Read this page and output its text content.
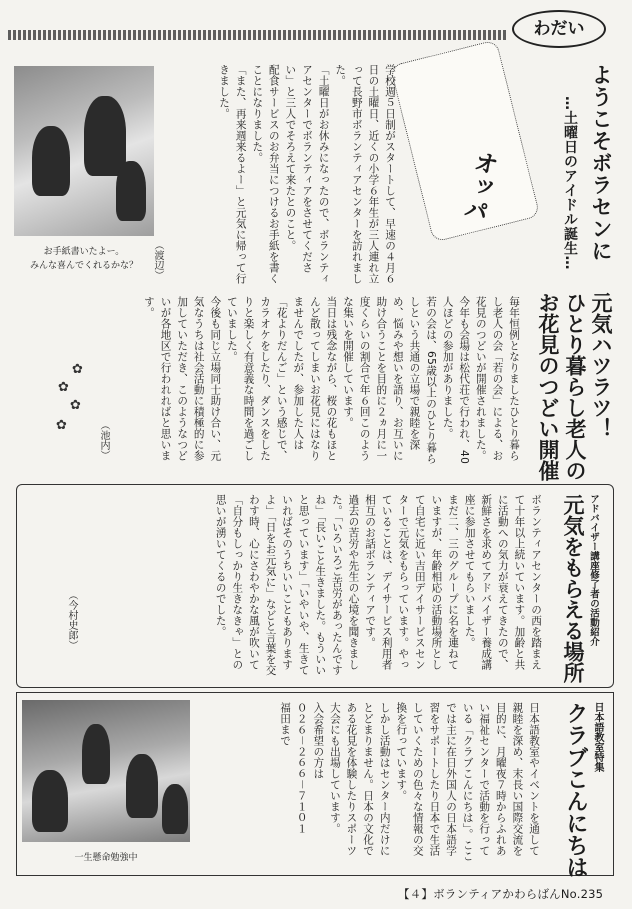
わだい
ようこそボラセンに
…土曜日のアイドル誕生…
オッパ
学校週５日制がスタートして、早速の４月６日の土曜日、近くの小学６年生が三人連れ立って長野市ボランティアセンターを訪れました。
「土曜日がお休みになったので、ボランティアセンターでボランティアをさせてください」と三人でそろえて来たとのこと。
配食サービスのお弁当につけるお手紙を書くことになりました。
「また、再来週来るよー」と元気に帰って行きました。
（渡辺）
お手紙書いたよー。
みんな喜んでくれるかな？
元気ハツラツ！
ひとり暮らし老人の
お花見のつどい開催
毎年恒例となりましたひとり暮らし老人の会「若の会」による、お花見のつどいが開催されました。今年も会場は松代荘で行われ、40人ほどの参加がありました。
若の会は、65歳以上のひとり暮らしという共通の立場で親睦を深め、悩みや想いを語り、お互いに助け合うことを目的に２ヵ月に一度くらいの割合で年６回このような集いを開催しています。
当日は残念ながら、桜の花もほとんど散ってしまいお花見にはなりませんでしたが、参加した人は「花よりだんご」という感じで、カラオケをしたり、ダンスをしたりと楽しく有意義な時間を過ごしていました。
今後も同じ立場同士助け合い、元気なうちは社会活動に積極的に参加していただき、このようなつどいが各地区で行われればと思います。
（池内）
✿
✿
✿
✿
アドバイザー講座修了者の活動紹介
元気をもらえる場所
ボランティアセンターの西を踏まえて十年以上続いています。加齢と共に活動への気力が衰えてきたので、新鮮さを求めてアドバイザー養成講座に参加させてもらいました。
まだ二、三のグループに名を連ねていますが、年齢相応の活動場所として自宅に近い吉田デイサービスセンターで元気をもらっています。やっていることは、デイサービス利用者相互のお話ボランティアです。
過去の苦労や先生の心境を聞きました。「いろいろご苦労があったんですね」「長いこと生きました。もういいと思っています」「いやいや、生きていればそのうちいいこともありますよ」「日をお元気に」などと言葉を交わす時、心にさわやかな風が吹いて「自分もしっかり生きなきゃ」との思いが湧いてくるのでした。
（今村史郎）
日本語教室特集
クラブこんにちは
日本語教室やイベントを通して親睦を深め、末長い国際交流を目的に、月曜夜７時からふれあい福祉センターで活動を行っている「クラブこんにちは」。ここでは主に在日外国人の日本語学習をサポートしたり日本で生活していくための色々な情報の交換を行っています。
しかし活動はセンター内だけにとどまりません。日本の文化である花見を体験したりスポーツ大会にも出場しています。
入会希望の方は
０２６－２６６－７１０１
福田まで
一生懸命勉強中
【４】ボランティアかわらばんNo.235
